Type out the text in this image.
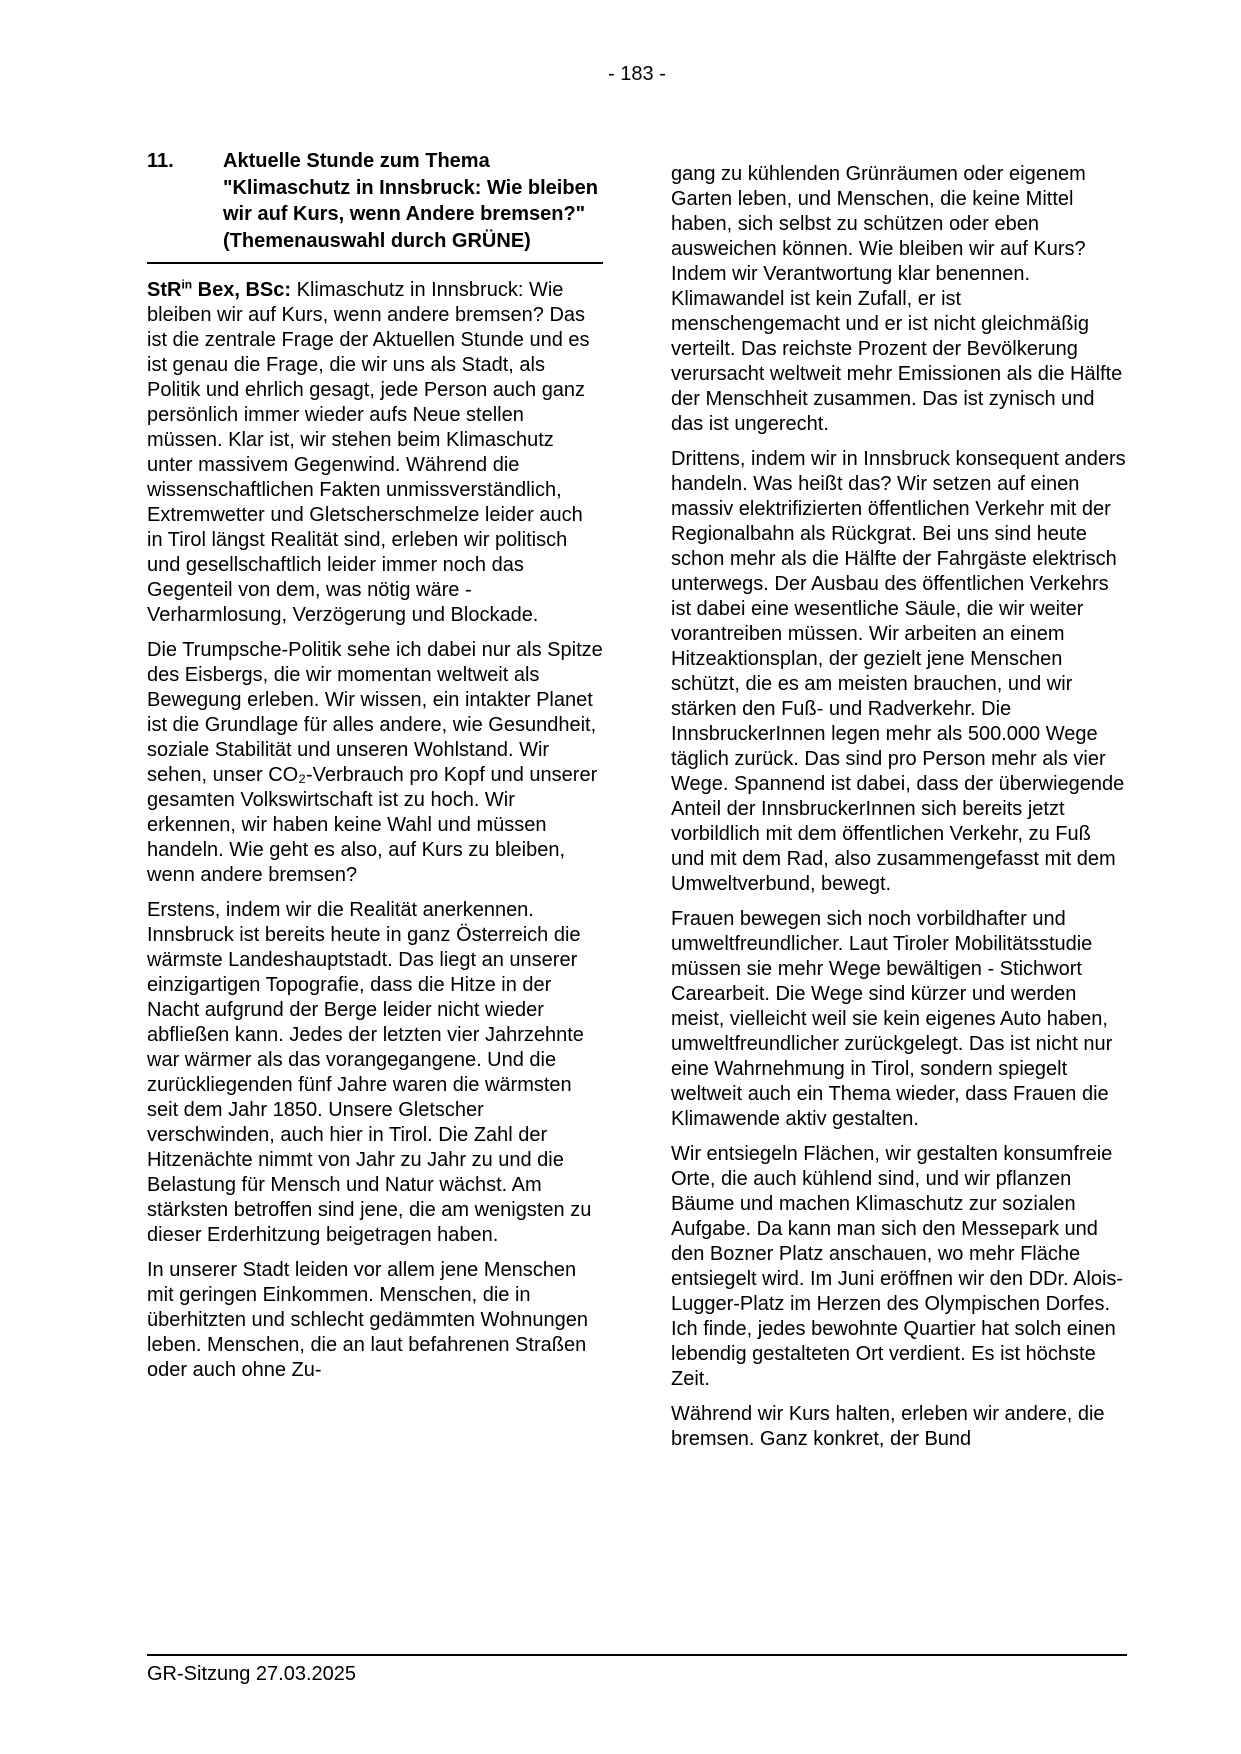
- 183 -
11.	Aktuelle Stunde zum Thema "Klimaschutz in Innsbruck: Wie bleiben wir auf Kurs, wenn Andere bremsen?" (Themenauswahl durch GRÜNE)

StR$^{in}$ Bex, BSc: Klimaschutz in Innsbruck: Wie bleiben wir auf Kurs, wenn andere bremsen? Das ist die zentrale Frage der Aktuellen Stunde und es ist genau die Frage, die wir uns als Stadt, als Politik und ehrlich gesagt, jede Person auch ganz persönlich immer wieder aufs Neue stellen müssen. Klar ist, wir stehen beim Klimaschutz unter massivem Gegenwind. Während die wissenschaftlichen Fakten unmissverständlich, Extremwetter und Gletscherschmelze leider auch in Tirol längst Realität sind, erleben wir politisch und gesellschaftlich leider immer noch das Gegenteil von dem, was nötig wäre - Verharmlosung, Verzögerung und Blockade.

Die Trumpsche-Politik sehe ich dabei nur als Spitze des Eisbergs, die wir momentan weltweit als Bewegung erleben. Wir wissen, ein intakter Planet ist die Grundlage für alles andere, wie Gesundheit, soziale Stabilität und unseren Wohlstand. Wir sehen, unser CO₂-Verbrauch pro Kopf und unserer gesamten Volkswirtschaft ist zu hoch. Wir erkennen, wir haben keine Wahl und müssen handeln. Wie geht es also, auf Kurs zu bleiben, wenn andere bremsen?

Erstens, indem wir die Realität anerkennen. Innsbruck ist bereits heute in ganz Österreich die wärmste Landeshauptstadt. Das liegt an unserer einzigartigen Topografie, dass die Hitze in der Nacht aufgrund der Berge leider nicht wieder abfließen kann. Jedes der letzten vier Jahrzehnte war wärmer als das vorangegangene. Und die zurückliegenden fünf Jahre waren die wärmsten seit dem Jahr 1850. Unsere Gletscher verschwinden, auch hier in Tirol. Die Zahl der Hitzenächte nimmt von Jahr zu Jahr zu und die Belastung für Mensch und Natur wächst. Am stärksten betroffen sind jene, die am wenigsten zu dieser Erderhitzung beigetragen haben.

In unserer Stadt leiden vor allem jene Menschen mit geringen Einkommen. Menschen, die in überhitzten und schlecht gedämmten Wohnungen leben. Menschen, die an laut befahrenen Straßen oder auch ohne Zu-

gang zu kühlenden Grünräumen oder eigenem Garten leben, und Menschen, die keine Mittel haben, sich selbst zu schützen oder eben ausweichen können. Wie bleiben wir auf Kurs? Indem wir Verantwortung klar benennen. Klimawandel ist kein Zufall, er ist menschengemacht und er ist nicht gleichmäßig verteilt. Das reichste Prozent der Bevölkerung verursacht weltweit mehr Emissionen als die Hälfte der Menschheit zusammen. Das ist zynisch und das ist ungerecht.

Drittens, indem wir in Innsbruck konsequent anders handeln. Was heißt das? Wir setzen auf einen massiv elektrifizierten öffentlichen Verkehr mit der Regionalbahn als Rückgrat. Bei uns sind heute schon mehr als die Hälfte der Fahrgäste elektrisch unterwegs. Der Ausbau des öffentlichen Verkehrs ist dabei eine wesentliche Säule, die wir weiter vorantreiben müssen. Wir arbeiten an einem Hitzeaktionsplan, der gezielt jene Menschen schützt, die es am meisten brauchen, und wir stärken den Fuß- und Radverkehr. Die InnsbruckerInnen legen mehr als 500.000 Wege täglich zurück. Das sind pro Person mehr als vier Wege. Spannend ist dabei, dass der überwiegende Anteil der InnsbruckerInnen sich bereits jetzt vorbildlich mit dem öffentlichen Verkehr, zu Fuß und mit dem Rad, also zusammengefasst mit dem Umweltverbund, bewegt.

Frauen bewegen sich noch vorbildhafter und umweltfreundlicher. Laut Tiroler Mobilitätsstudie müssen sie mehr Wege bewältigen - Stichwort Carearbeit. Die Wege sind kürzer und werden meist, vielleicht weil sie kein eigenes Auto haben, umweltfreundlicher zurückgelegt. Das ist nicht nur eine Wahrnehmung in Tirol, sondern spiegelt weltweit auch ein Thema wieder, dass Frauen die Klimawende aktiv gestalten.

Wir entsiegeln Flächen, wir gestalten konsumfreie Orte, die auch kühlend sind, und wir pflanzen Bäume und machen Klimaschutz zur sozialen Aufgabe. Da kann man sich den Messepark und den Bozner Platz anschauen, wo mehr Fläche entsiegelt wird. Im Juni eröffnen wir den DDr. Alois-Lugger-Platz im Herzen des Olympischen Dorfes. Ich finde, jedes bewohnte Quartier hat solch einen lebendig gestalteten Ort verdient. Es ist höchste Zeit.

Während wir Kurs halten, erleben wir andere, die bremsen. Ganz konkret, der Bund

GR-Sitzung 27.03.2025
